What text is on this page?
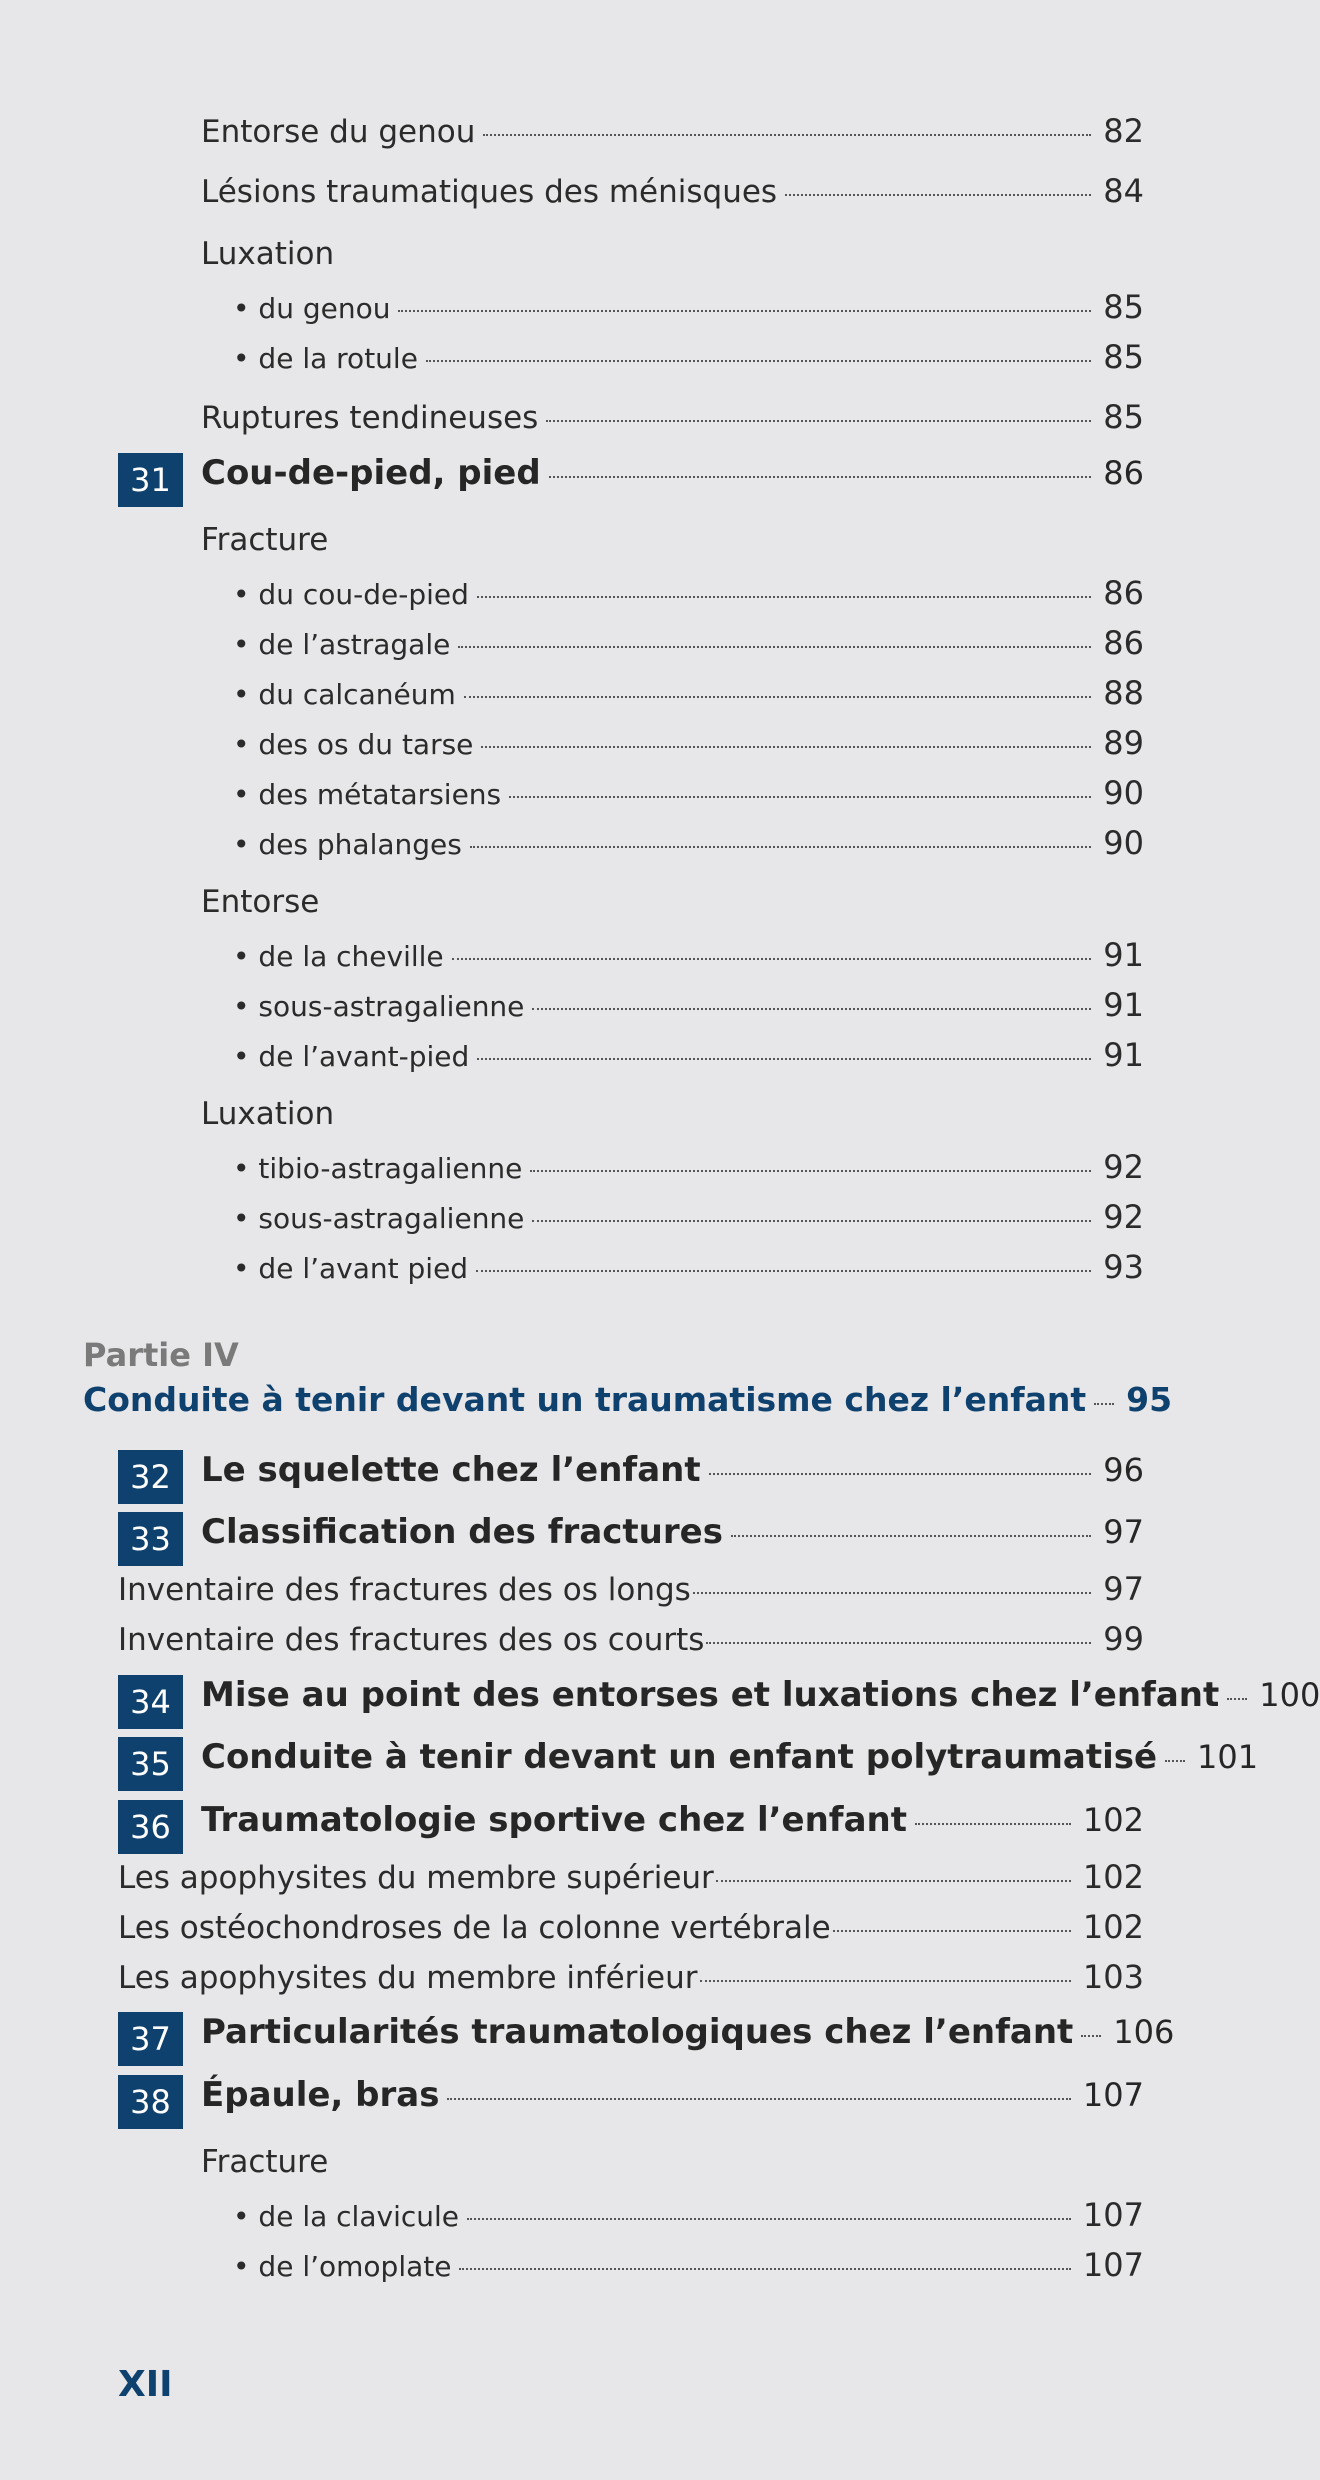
Entorse du genou	82
Lésions traumatiques des ménisques	84
Luxation
• du genou	85
• de la rotule	85
Ruptures tendineuses	85
31 Cou-de-pied, pied	86
Fracture
• du cou-de-pied	86
• de l’astragale	86
• du calcanéum	88
• des os du tarse	89
• des métatarsiens	90
• des phalanges	90
Entorse
• de la cheville	91
• sous-astragalienne	91
• de l’avant-pied	91
Luxation
• tibio-astragalienne	92
• sous-astragalienne	92
• de l’avant pied	93
Partie IV
Conduite à tenir devant un traumatisme chez l’enfant 95
32 Le squelette chez l’enfant	96
33 Classification des fractures	97
Inventaire des fractures des os longs	97
Inventaire des fractures des os courts	99
34 Mise au point des entorses et luxations chez l’enfant 100
35 Conduite à tenir devant un enfant polytraumatisé 101
36 Traumatologie sportive chez l’enfant	102
Les apophysites du membre supérieur	102
Les ostéochondroses de la colonne vertébrale	102
Les apophysites du membre inférieur	103
37 Particularités traumatologiques chez l’enfant 106
38 Épaule, bras	107
Fracture
• de la clavicule	107
• de l’omoplate	107
XII
